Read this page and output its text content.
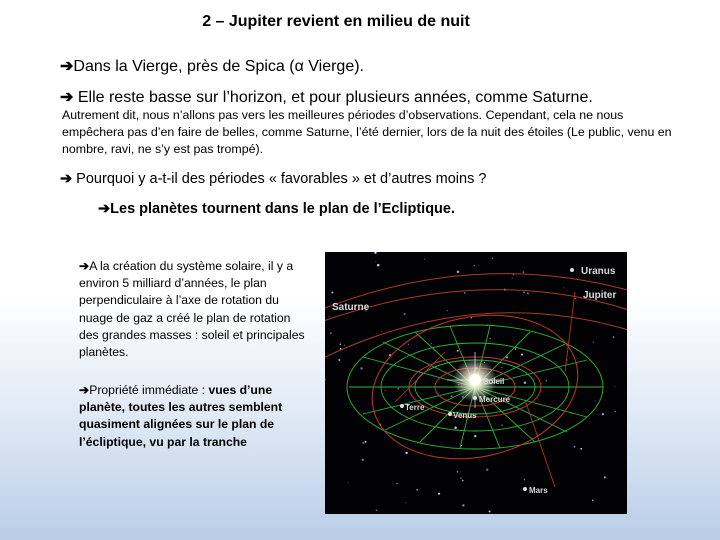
2 – Jupiter revient en milieu de nuit
➔Dans la Vierge, près de Spica (α Vierge).
➔ Elle reste basse sur l’horizon, et pour plusieurs années, comme Saturne.
Autrement dit, nous n’allons pas vers les meilleures périodes d’observations. Cependant, cela ne nous empêchera pas d’en faire de belles, comme Saturne, l’été dernier, lors de la nuit des étoiles (Le public, venu en nombre, ravi, ne s’y est pas trompé).
➔ Pourquoi y a-t-il des périodes « favorables » et d’autres moins ?
➔Les planètes tournent dans le plan de l’Ecliptique.
➔A la création du système solaire, il y a environ 5 milliard d’années, le plan perpendiculaire à l’axe de rotation du nuage de gaz a créé le plan de rotation des grandes masses : soleil et principales planètes.
➔Propriété immédiate : vues d’une planète, toutes les autres semblent quasiment alignées sur le plan de l’écliptique, vu par la tranche
Uranus
Jupiter
Saturne
Soleil
Mercure
Terre
Venus
Mars
